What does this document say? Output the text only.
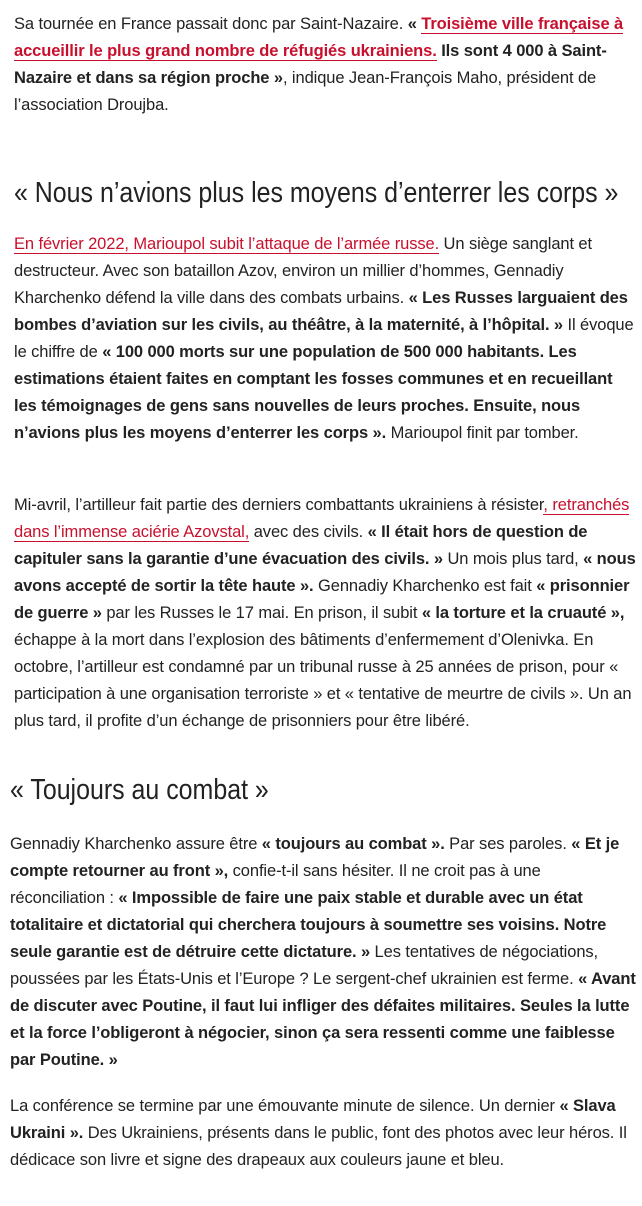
Sa tournée en France passait donc par Saint-Nazaire. « Troisième ville française à accueillir le plus grand nombre de réfugiés ukrainiens. Ils sont 4 000 à Saint-Nazaire et dans sa région proche », indique Jean-François Maho, président de l’association Droujba.

« Nous n’avions plus les moyens d’enterrer les corps »

En février 2022, Marioupol subit l’attaque de l’armée russe. Un siège sanglant et destructeur. Avec son bataillon Azov, environ un millier d’hommes, Gennadiy Kharchenko défend la ville dans des combats urbains. « Les Russes larguaient des bombes d’aviation sur les civils, au théâtre, à la maternité, à l’hôpital. » Il évoque le chiffre de « 100 000 morts sur une population de 500 000 habitants. Les estimations étaient faites en comptant les fosses communes et en recueillant les témoignages de gens sans nouvelles de leurs proches. Ensuite, nous n’avions plus les moyens d’enterrer les corps ». Marioupol finit par tomber.

Mi-avril, l’artilleur fait partie des derniers combattants ukrainiens à résister, retranchés dans l’immense aciérie Azovstal, avec des civils. « Il était hors de question de capituler sans la garantie d’une évacuation des civils. » Un mois plus tard, « nous avons accepté de sortir la tête haute ». Gennadiy Kharchenko est fait « prisonnier de guerre » par les Russes le 17 mai. En prison, il subit « la torture et la cruauté », échappe à la mort dans l’explosion des bâtiments d’enfermement d’Olenivka. En octobre, l’artilleur est condamné par un tribunal russe à 25 années de prison, pour « participation à une organisation terroriste » et « tentative de meurtre de civils ». Un an plus tard, il profite d’un échange de prisonniers pour être libéré.

« Toujours au combat »

Gennadiy Kharchenko assure être « toujours au combat ». Par ses paroles. « Et je compte retourner au front », confie-t-il sans hésiter. Il ne croit pas à une réconciliation : « Impossible de faire une paix stable et durable avec un état totalitaire et dictatorial qui cherchera toujours à soumettre ses voisins. Notre seule garantie est de détruire cette dictature. » Les tentatives de négociations, poussées par les États-Unis et l’Europe ? Le sergent-chef ukrainien est ferme. « Avant de discuter avec Poutine, il faut lui infliger des défaites militaires. Seules la lutte et la force l’obligeront à négocier, sinon ça sera ressenti comme une faiblesse par Poutine. »

La conférence se termine par une émouvante minute de silence. Un dernier « Slava Ukraini ». Des Ukrainiens, présents dans le public, font des photos avec leur héros. Il dédicace son livre et signe des drapeaux aux couleurs jaune et bleu.
